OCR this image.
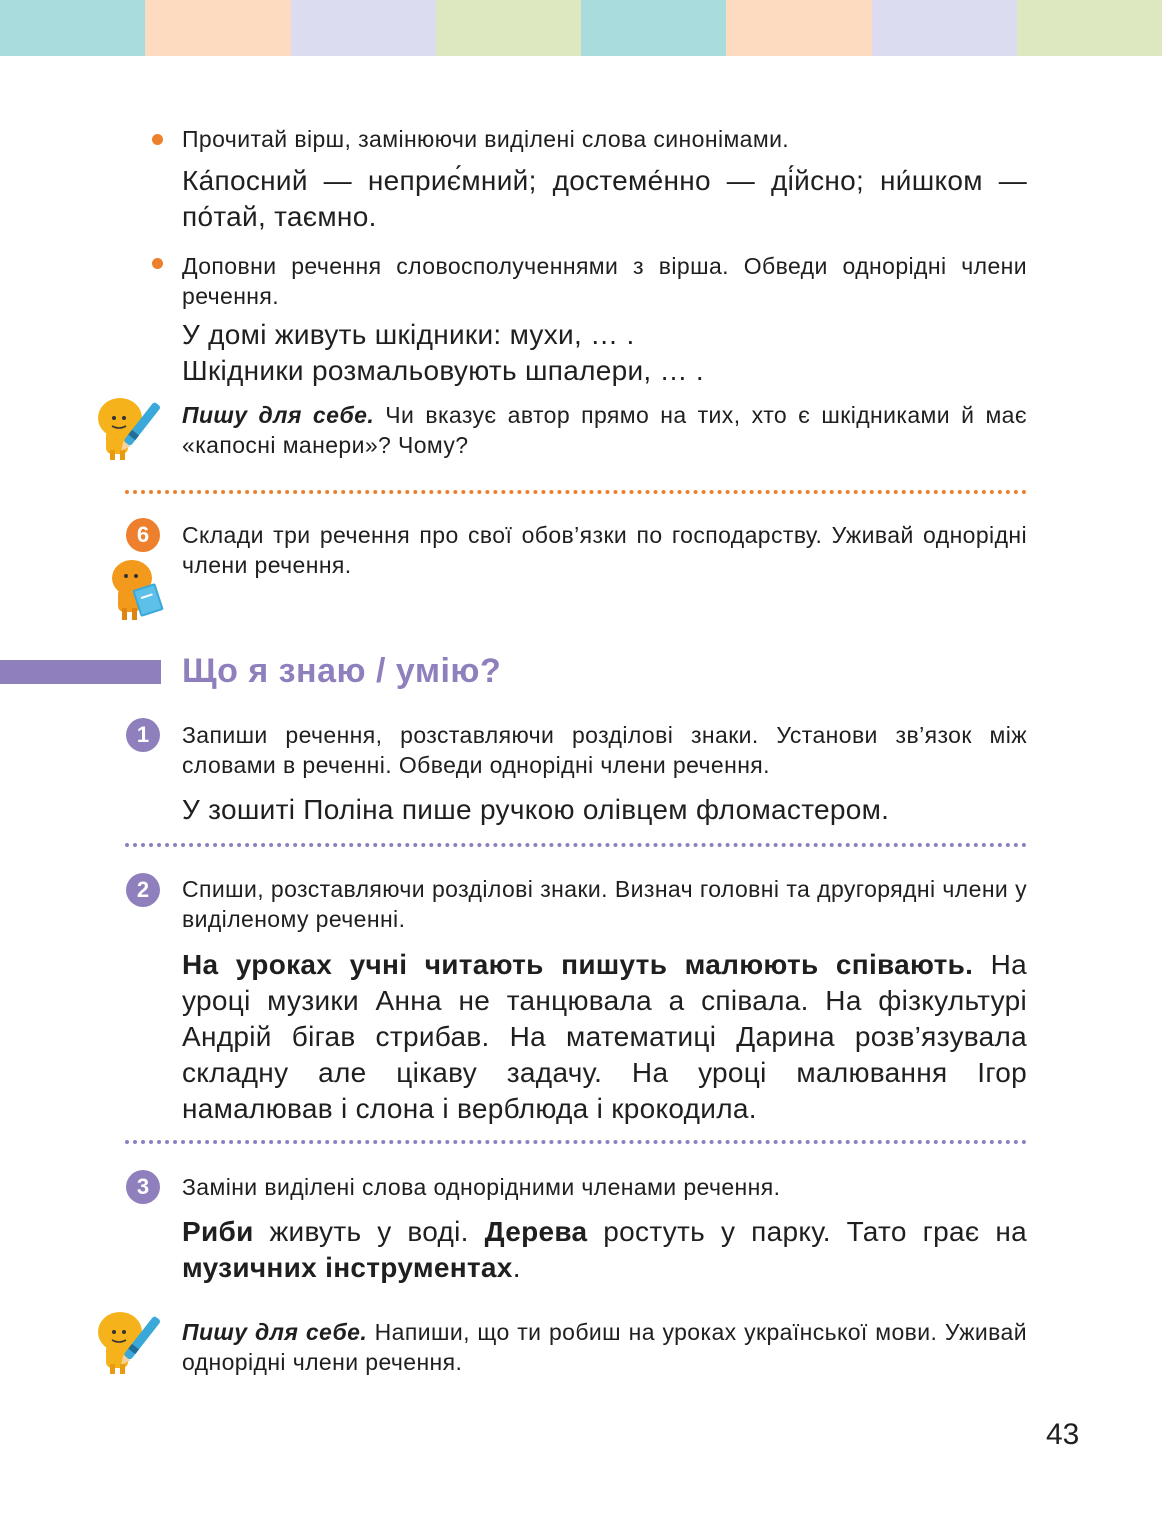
Прочитай вірш, замінюючи виділені слова синонімами.
Ка́посний — неприє́мний; достеме́нно — ді́йсно; ни́шком — по́тай, таємно.
Доповни речення словосполученнями з вірша. Обведи однорідні члени речення.
У домі живуть шкідники: мухи, … .
Шкідники розмальовують шпалери, … .
Пишу для себе. Чи вказує автор прямо на тих, хто є шкідниками й має «капосні манери»? Чому?
6	Склади три речення про свої обов’язки по господарству. Уживай однорідні члени речення.
Що я знаю / умію?
1	Запиши речення, розставляючи розділові знаки. Установи зв’язок між словами в реченні. Обведи однорідні члени речення.
У зошиті Поліна пише ручкою олівцем фломастером.
2	Спиши, розставляючи розділові знаки. Визнач головні та другорядні члени у виділеному реченні.
На уроках учні читають пишуть малюють співають. На уроці музики Анна не танцювала а співала. На фізкультурі Андрій бігав стрибав. На математиці Дарина розв’язувала складну але цікаву задачу. На уроці малювання Ігор намалював і слона і верблюда і крокодила.
3	Заміни виділені слова однорідними членами речення.
Риби живуть у воді. Дерева ростуть у парку. Тато грає на музичних інструментах.
Пишу для себе. Напиши, що ти робиш на уроках української мови. Уживай однорідні члени речення.
43
